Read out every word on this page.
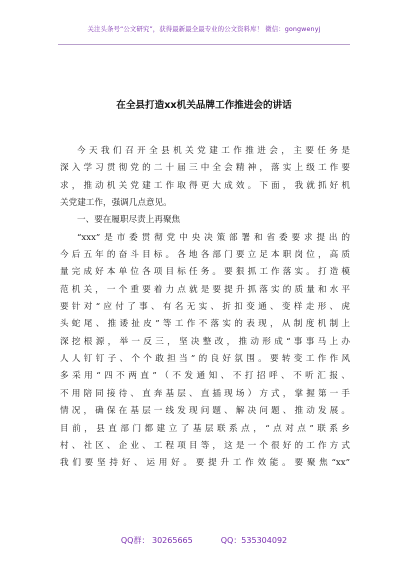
关注头条号“公文研究”，获得最新最全最专业的公文资料库！ 微信：gongwenyj
在全县打造xx机关品牌工作推进会的讲话
今天我们召开全县机关党建工作推进会，主要任务是
深入学习贯彻党的二十届三中全会精神，落实上级工作要
求，推动机关党建工作取得更大成效。下面，我就抓好机
关党建工作，强调几点意见。
一、要在履职尽责上再聚焦
“xxx”是市委贯彻党中央决策部署和省委要求提出的
今后五年的奋斗目标。各地各部门要立足本职岗位，高质
量完成好本单位各项目标任务。要狠抓工作落实。打造模
范机关，一个重要着力点就是要提升抓落实的质量和水平
要针对“应付了事、有名无实、折扣变通、变样走形、虎
头蛇尾、推诿扯皮”等工作不落实的表现，从制度机制上
深挖根源，举一反三，坚决整改，推动形成“事事马上办
人人钉钉子、个个敢担当”的良好氛围。要转变工作作风
多采用“四不两直”（不发通知、不打招呼、不听汇报、
不用陪同接待、直奔基层、直插现场）方式，掌握第一手
情况，确保在基层一线发现问题、解决问题、推动发展。
目前，县直部门都建立了基层联系点，“点对点”联系乡
村、社区、企业、工程项目等，这是一个很好的工作方式
我们要坚持好、运用好。要提升工作效能。要聚焦“xx”
QQ群： 30265665	QQ：535304092
